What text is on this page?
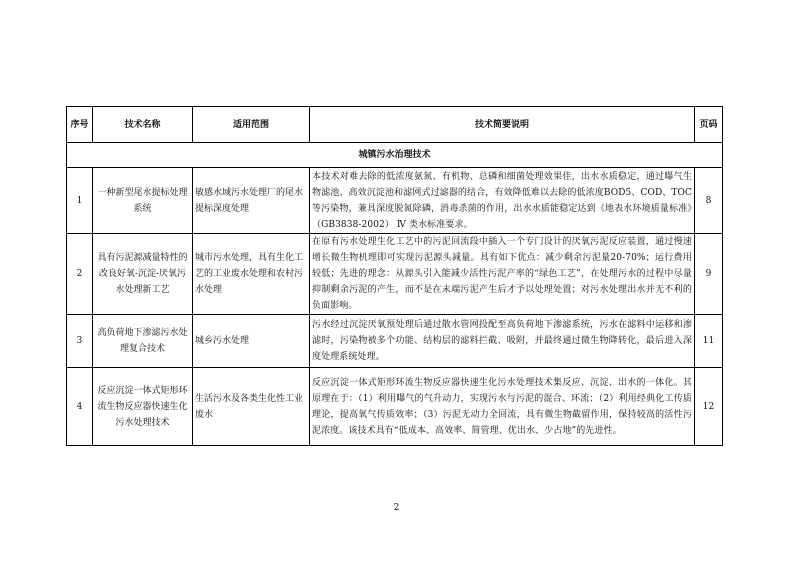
序号	技术名称	适用范围	技术简要说明	页码
城镇污水治理技术				
1	一种新型尾水提标处理系统	敏感水域污水处理厂的尾水提标深度处理	本技术对难去除的低浓度氨氮、有机物、总磷和细菌处理效果佳，出水水质稳定，通过曝气生物滤池、高效沉淀池和滤网式过滤器的结合，有效降低难以去除的低浓度BOD5、COD、TOC 等污染物，兼具深度脱氮除磷，消毒杀菌的作用，出水水质能稳定达到《地表水环境质量标准》（GB3838-2002） Ⅳ 类水标准要求。	8
2	具有污泥源减量特性的改良好氧-沉淀-厌氧污水处理新工艺	城市污水处理，具有生化工艺的工业废水处理和农村污水处理	在原有污水处理生化工艺中的污泥回流段中插入一个专门设计的厌氧污泥反应装置，通过慢速增长微生物机理即可实现污泥源头减量。具有如下优点：减少剩余污泥量20-70%；运行费用较低；先进的理念：从源头引入能减少活性污泥产率的“绿色工艺”，在处理污水的过程中尽量抑制剩余污泥的产生，而不是在末端污泥产生后才予以处理处置；对污水处理出水并无不利的负面影响。	9
3	高负荷地下渗滤污水处理复合技术	城乡污水处理	污水经过沉淀厌氧预处理后通过散水管网投配至高负荷地下渗滤系统，污水在滤料中运移和渗滤时，污染物被多个功能、结构层的滤料拦截、吸附，并最终通过微生物降转化，最后进入深度处理系统处理。	11
4	反应沉淀一体式矩形环流生物反应器快速生化污水处理技术	生活污水及各类生化性工业废水	反应沉淀一体式矩形环流生物反应器快速生化污水处理技术集反应、沉淀、出水的一体化。其原理在于：（1）利用曝气的气升动力，实现污水与污泥的混合、环流；（2）利用经典化工传质理论，提高氧气传质效率；（3）污泥无动力全回流，具有微生物截留作用，保持较高的活性污泥浓度。该技术具有“低成本、高效率、简管理、优出水、少占地”的先进性。	12
2
